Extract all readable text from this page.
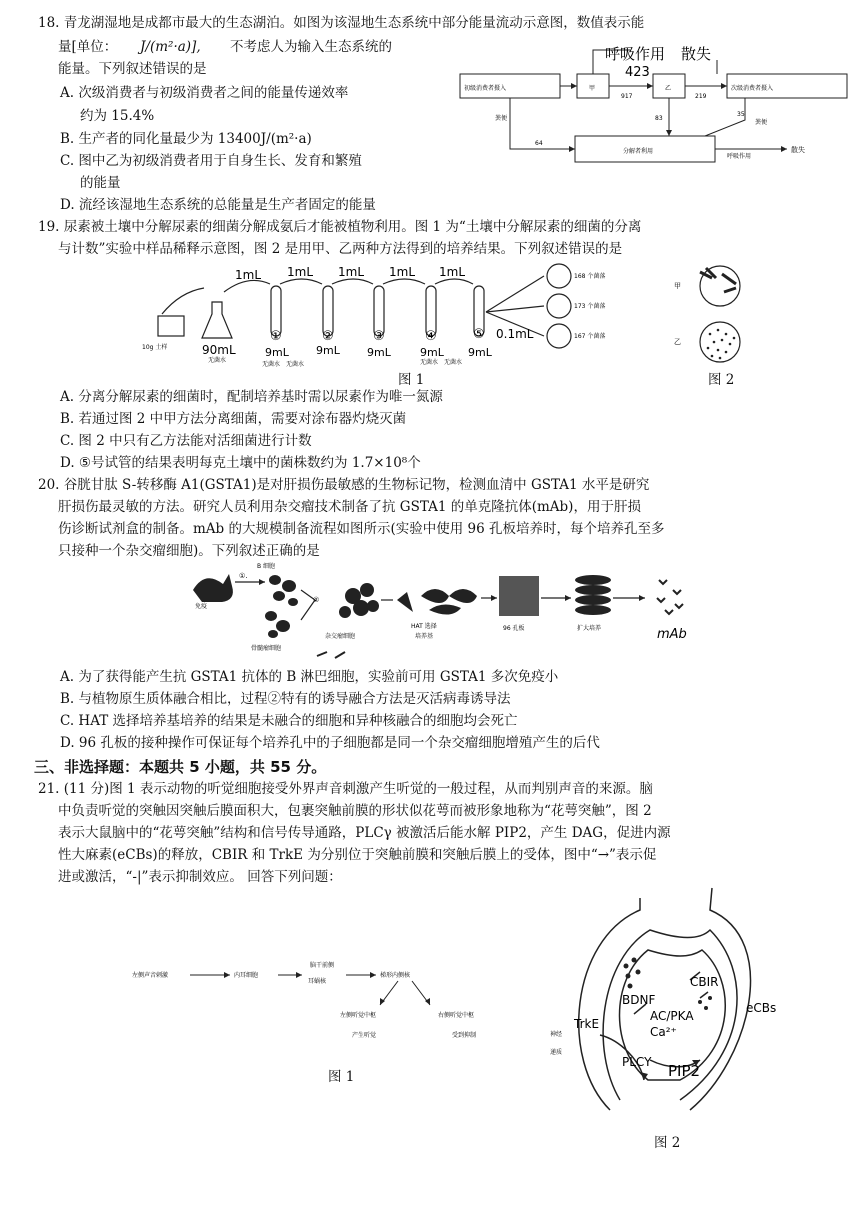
18. 青龙湖湿地是成都市最大的生态湖泊。如图为该湿地生态系统中部分能量流动示意图，数值表示能
量[单位： J/(m²·a)], 不考虑人为输入生态系统的
能量。下列叙述错误的是
A. 次级消费者与初级消费者之间的能量传递效率
约为 15.4%
B. 生产者的同化量最少为 13400J/(m²·a)
C. 图中乙为初级消费者用于自身生长、发育和繁殖
的能量
D. 流经该湿地生态系统的总能量是生产者固定的能量
呼吸作用
423
散失
初级消费者摄入	甲	乙	次级消费者摄入
917	219
83
35
64
粪便
粪便
分解者利用
呼吸作用
散失
19. 尿素被土壤中分解尿素的细菌分解成氨后才能被植物利用。图 1 为“土壤中分解尿素的细菌的分离
与计数”实验中样品稀释示意图，图 2 是用甲、乙两种方法得到的培养结果。下列叙述错误的是
1mL 1mL 1mL 1mL 1mL
10g 土样	90mL
无菌水
①	②	③	④	⑤
9mL 9mL 9mL	9mL 9mL
无菌水 无菌水	无菌水 无菌水
0.1mL
168 个菌落
173 个菌落
167 个菌落
甲
乙
图 1	图 2
A. 分离分解尿素的细菌时，配制培养基时需以尿素作为唯一氮源
B. 若通过图 2 中甲方法分离细菌，需要对涂布器灼烧灭菌
C. 图 2 中只有乙方法能对活细菌进行计数
D. ⑤号试管的结果表明每克土壤中的菌株数约为 1.7×10⁸个
20. 谷胱甘肽 S-转移酶 A1(GSTA1)是对肝损伤最敏感的生物标记物，检测血清中 GSTA1 水平是研究
肝损伤最灵敏的方法。研究人员利用杂交瘤技术制备了抗 GSTA1 的单克隆抗体(mAb)，用于肝损
伤诊断试剂盒的制备。mAb 的大规模制备流程如图所示(实验中使用 96 孔板培养时，每个培养孔至多
只接种一个杂交瘤细胞)。下列叙述正确的是
免疫
B 细胞
①.
②
骨髓瘤细胞
杂交瘤细胞
HAT 选择
培养基
96 孔板	扩大培养	mAb
A. 为了获得能产生抗 GSTA1 抗体的 B 淋巴细胞，实验前可用 GSTA1 多次免疫小
B. 与植物原生质体融合相比，过程②特有的诱导融合方法是灭活病毒诱导法
C. HAT 选择培养基培养的结果是未融合的细胞和异种核融合的细胞均会死亡
D. 96 孔板的接种操作可保证每个培养孔中的子细胞都是同一个杂交瘤细胞增殖产生的后代
三、非选择题：本题共 5 小题，共 55 分。
21. (11 分)图 1 表示动物的听觉细胞接受外界声音刺激产生听觉的一般过程，从而判别声音的来源。脑
中负责听觉的突触因突触后膜面积大，包裹突触前膜的形状似花萼而被形象地称为“花萼突触”，图 2
表示大鼠脑中的“花萼突触”结构和信号传导通路，PLCγ 被激活后能水解 PIP2，产生 DAG，促进内源
性大麻素(eCBs)的释放，CBIR 和 TrkE 为分别位于突触前膜和突触后膜上的受体，图中“→”表示促
进或激活，“-|”表示抑制效应。 回答下列问题：
左侧声音刺激	内耳细胞
脑干前侧
耳蜗核
梯形内侧核
左侧听觉中枢	右侧听觉中枢
产生听觉	受到抑制
图 1
CBIR
BDNF
AC/PKA
eCBs
TrkE
Ca²⁺
PLCY PIP2
神经
递质
图 2
